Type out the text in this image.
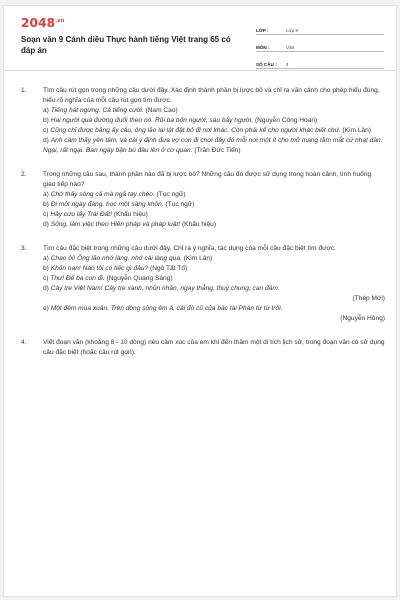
$2048^{.vn}$
Soạn văn 9 Cánh diều Thực hành tiếng Việt trang 65 có đáp án
LỚP :	Lớp 9
MÔN :	Văn
SỐ CÂU :	4
1.	Tìm câu rút gọn trong những câu dưới đây. Xác định thành phần bị lược bỏ và chỉ ra văn cảnh cho phép hiểu đúng, hiểu rõ nghĩa của mỗi câu rút gọn tìm được.
a) Tiếng hát ngừng. Cả tiếng cười. (Nam Cao)
b) Hai người qua đường đuổi theo nó. Rồi ba bốn người, sáu bảy người. (Nguyễn Công Hoan)
c) Cũng chỉ được băng ấy câu, ông lão lại lật đật bỏ đi nơi khác. Còn phải kể cho người khác biết chứ. (Kim Lân)
d) Anh cầm thấy yên tâm, và cái ý định đưa vợ con đi chơi đây đó mỗi nơi một ít cho mở mang tầm mắt cứ nhạt dần. Ngại, rất ngại. Ban ngày bận bù đầu lên ở cơ quan. (Trần Đức Tiến)
2.	Trong những câu sau, thành phần nào đã bị lược bỏ? Những câu đó được sử dụng trong hoàn cảnh, tình huống giao tiếp nào?
a) Chớ thấy sóng cả mà ngã tay chèo. (Tục ngữ)
b) Đi một ngày đàng, học một sàng khôn. (Tục ngữ)
c) Hãy cứu lấy Trái Đất! (Khẩu hiệu)
d) Sống, làm việc theo Hiến pháp và pháp luật! (Khẩu hiệu)
3.	Tìm câu đặc biệt trong những câu dưới đây. Chỉ ra ý nghĩa, tác dụng của mỗi câu đặc biệt tìm được.
a) Chao ôi! Ông lão nhớ làng, nhớ cái làng quá. (Kim Lân)
b) Khốn nạn! Nào tôi có tiếc gì đâu? (Ngô Tất Tố)
c) Thư! Để ba con đi. (Nguyễn Quang Sáng)
d) Cây tre Việt Nam! Cây tre xanh, nhũn nhặn, ngay thẳng, thuỷ chung, can đảm.
(Thép Mới)
e) Một đêm mùa xuân. Trên dòng sông êm ả, cái đò cũ của bác tài Phán từ từ trôi.
(Nguyễn Hồng)
4.	Viết đoạn văn (khoảng 8 - 10 dòng) nêu cảm xúc của em khi đến thăm một di tích lịch sử, trong đoạn văn có sử dụng câu đặc biệt (hoặc câu rút gọn).
